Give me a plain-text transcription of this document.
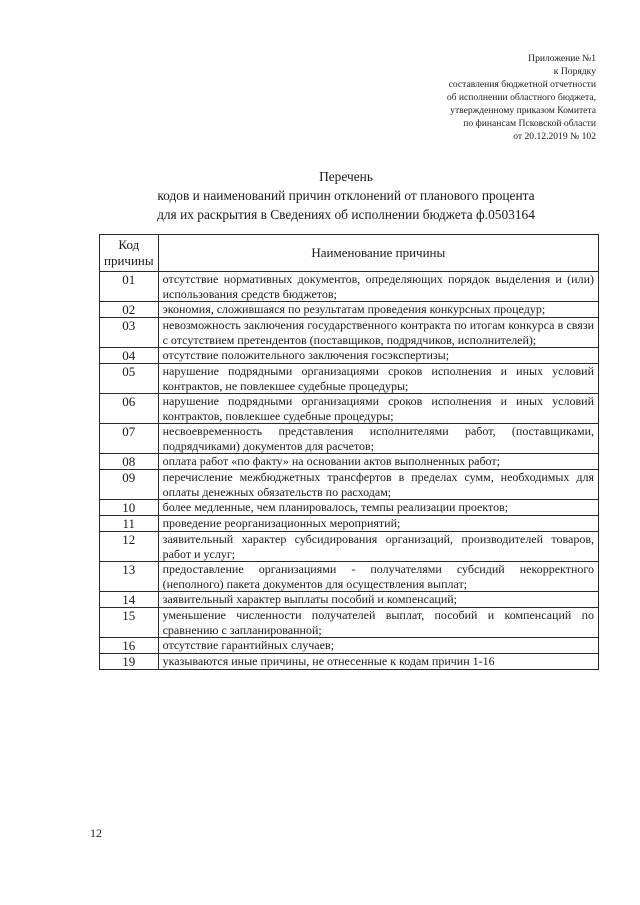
Приложение №1
к Порядку
составления бюджетной отчетности
об исполнении областного бюджета,
утвержденному приказом Комитета
по финансам Псковской области
от 20.12.2019 № 102
Перечень
кодов и наименований причин отклонений от планового процента
для их раскрытия в Сведениях об исполнении бюджета ф.0503164
Код причины	Наименование причины
01	отсутствие нормативных документов, определяющих порядок выделения и (или) использования средств бюджетов;
02	экономия, сложившаяся по результатам проведения конкурсных процедур;
03	невозможность заключения государственного контракта по итогам конкурса в связи с отсутствием претендентов (поставщиков, подрядчиков, исполнителей);
04	отсутствие положительного заключения госэкспертизы;
05	нарушение подрядными организациями сроков исполнения и иных условий контрактов, не повлекшее судебные процедуры;
06	нарушение подрядными организациями сроков исполнения и иных условий контрактов, повлекшее судебные процедуры;
07	несвоевременность представления исполнителями работ, (поставщиками, подрядчиками) документов для расчетов;
08	оплата работ «по факту» на основании актов выполненных работ;
09	перечисление межбюджетных трансфертов в пределах сумм, необходимых для оплаты денежных обязательств по расходам;
10	более медленные, чем планировалось, темпы реализации проектов;
11	проведение реорганизационных мероприятий;
12	заявительный характер субсидирования организаций, производителей товаров, работ и услуг;
13	предоставление организациями - получателями субсидий некорректного (неполного) пакета документов для осуществления выплат;
14	заявительный характер выплаты пособий и компенсаций;
15	уменьшение численности получателей выплат, пособий и компенсаций по сравнению с запланированной;
16	отсутствие гарантийных случаев;
19	указываются иные причины, не отнесенные к кодам причин 1-16
12
